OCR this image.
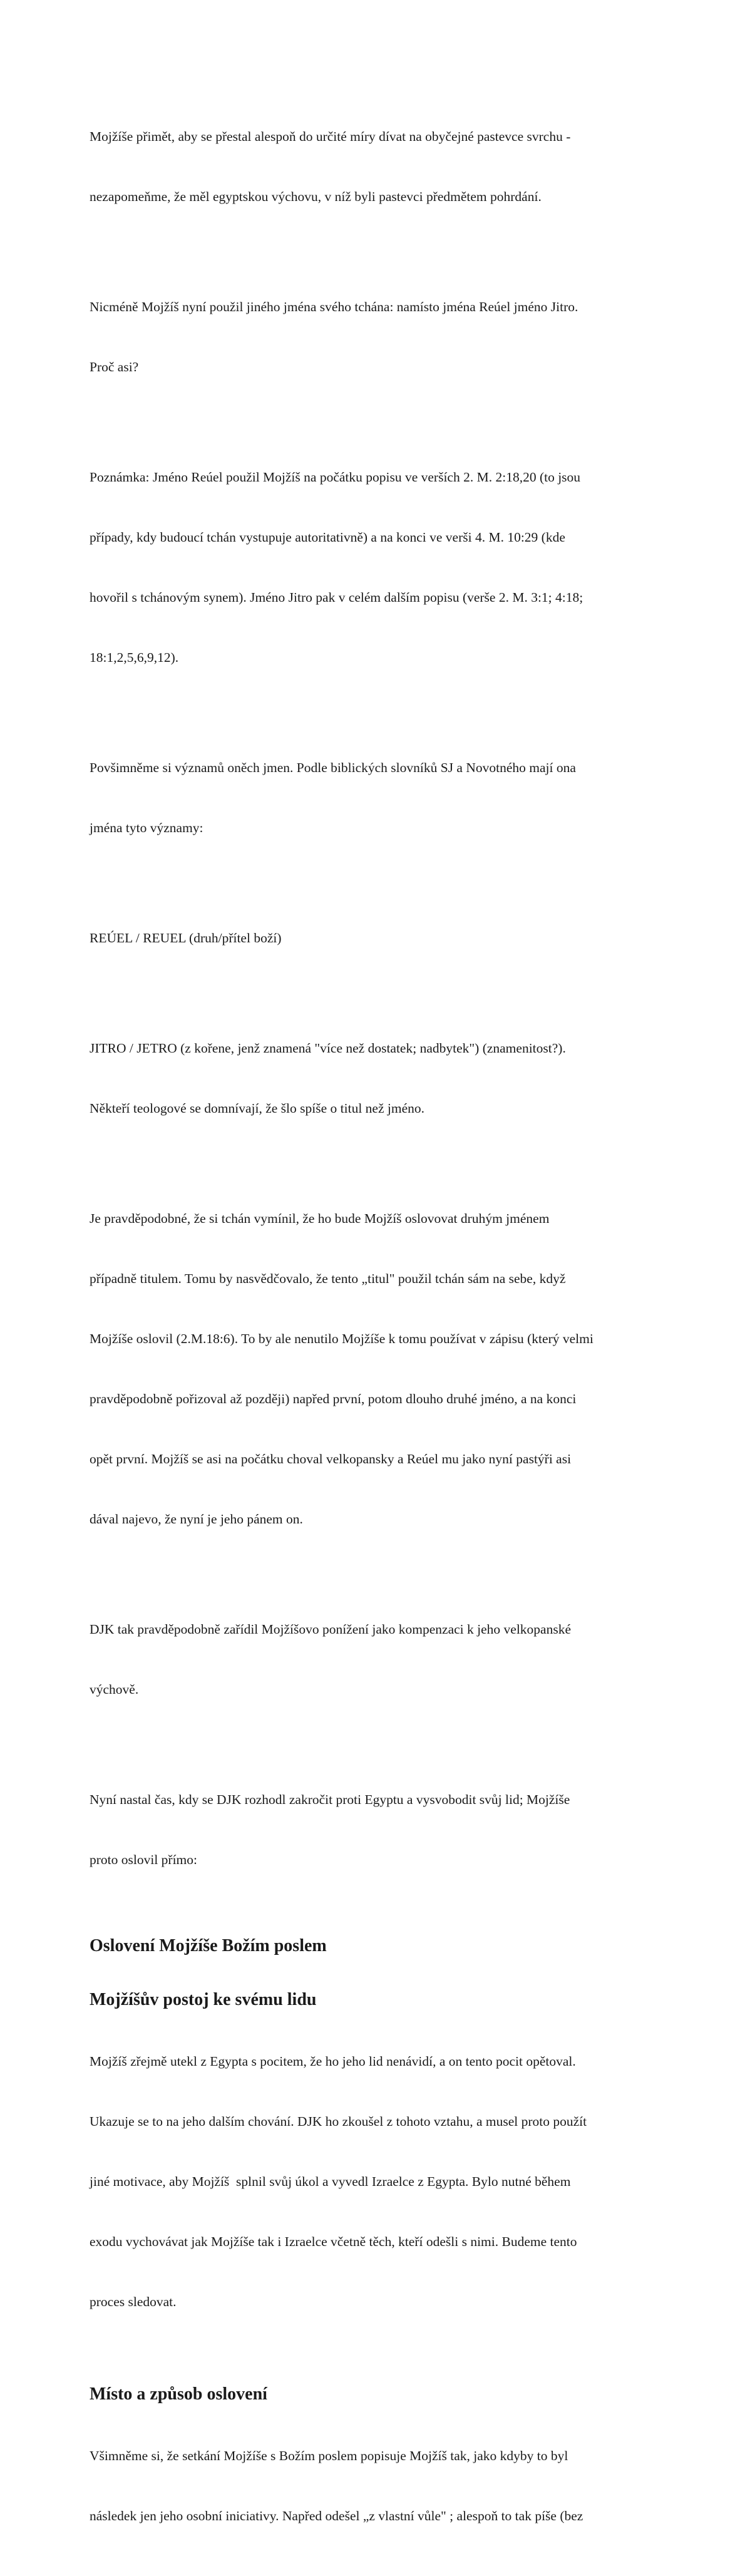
Mojžíše přimět, aby se přestal alespoň do určité míry dívat na obyčejné pastevce svrchu -

nezapomeňme, že měl egyptskou výchovu, v níž byli pastevci předmětem pohrdání.

Nicméně Mojžíš nyní použil jiného jména svého tchána: namísto jména Reúel jméno Jitro.

Proč asi?

Poznámka: Jméno Reúel použil Mojžíš na počátku popisu ve verších 2. M. 2:18,20 (to jsou

případy, kdy budoucí tchán vystupuje autoritativně) a na konci ve verši 4. M. 10:29 (kde

hovořil s tchánovým synem). Jméno Jitro pak v celém dalším popisu (verše 2. M. 3:1; 4:18;

18:1,2,5,6,9,12).

Povšimněme si významů oněch jmen. Podle biblických slovníků SJ a Novotného mají ona

jména tyto významy:

REÚEL / REUEL (druh/přítel boží)

JITRO / JETRO (z kořene, jenž znamená "více než dostatek; nadbytek") (znamenitost?).

Někteří teologové se domnívají, že šlo spíše o titul než jméno.

Je pravděpodobné, že si tchán vymínil, že ho bude Mojžíš oslovovat druhým jménem

případně titulem. Tomu by nasvědčovalo, že tento „titul" použil tchán sám na sebe, když

Mojžíše oslovil (2.M.18:6). To by ale nenutilo Mojžíše k tomu používat v zápisu (který velmi

pravděpodobně pořizoval až později) napřed první, potom dlouho druhé jméno, a na konci

opět první. Mojžíš se asi na počátku choval velkopansky a Reúel mu jako nyní pastýři asi

dával najevo, že nyní je jeho pánem on.

DJK tak pravděpodobně zařídil Mojžíšovo ponížení jako kompenzaci k jeho velkopanské

výchově.

Nyní nastal čas, kdy se DJK rozhodl zakročit proti Egyptu a vysvobodit svůj lid; Mojžíše

proto oslovil přímo:

Oslovení Mojžíše Božím poslem
Mojžíšův postoj ke svému lidu

Mojžíš zřejmě utekl z Egypta s pocitem, že ho jeho lid nenávidí, a on tento pocit opětoval.

Ukazuje se to na jeho dalším chování. DJK ho zkoušel z tohoto vztahu, a musel proto použít

jiné motivace, aby Mojžíš  splnil svůj úkol a vyvedl Izraelce z Egypta. Bylo nutné během

exodu vychovávat jak Mojžíše tak i Izraelce včetně těch, kteří odešli s nimi. Budeme tento

proces sledovat.

Místo a způsob oslovení

Všimněme si, že setkání Mojžíše s Božím poslem popisuje Mojžíš tak, jako kdyby to byl

následek jen jeho osobní iniciativy. Napřed odešel „z vlastní vůle" ; alespoň to tak píše (bez
